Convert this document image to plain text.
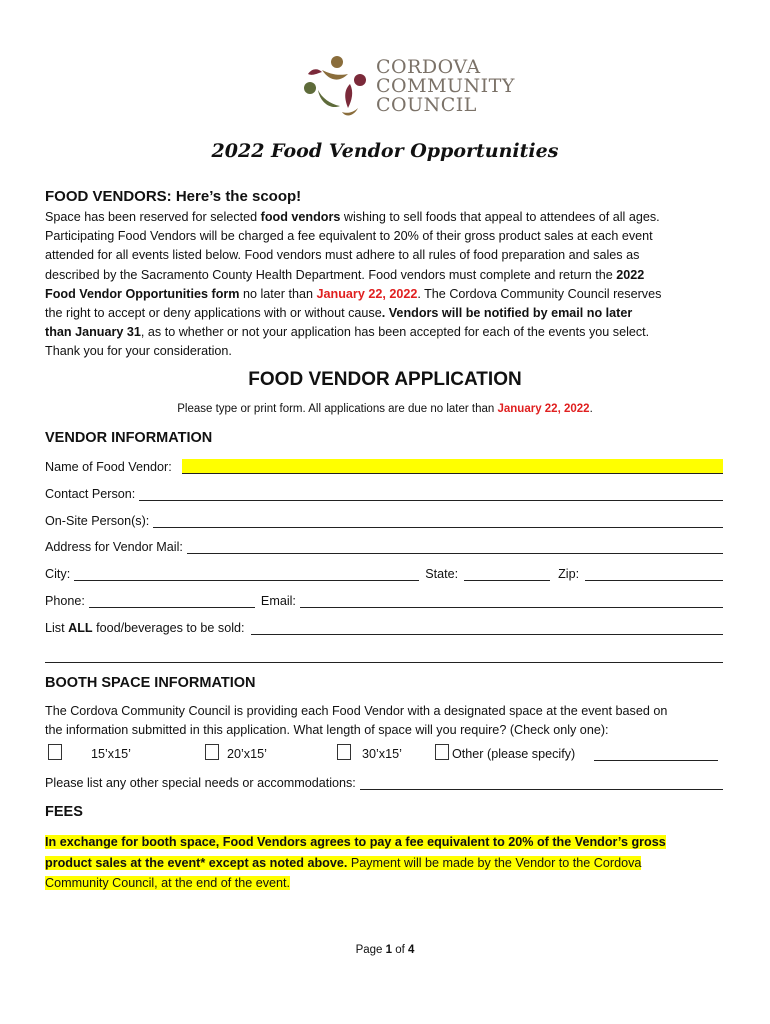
CORDOVA
COMMUNITY
COUNCIL
2022 Food Vendor Opportunities
FOOD VENDORS: Here’s the scoop!
Space has been reserved for selected food vendors wishing to sell foods that appeal to attendees of all ages.
Participating Food Vendors will be charged a fee equivalent to 20% of their gross product sales at each event
attended for all events listed below. Food vendors must adhere to all rules of food preparation and sales as
described by the Sacramento County Health Department. Food vendors must complete and return the 2022
Food Vendor Opportunities form no later than January 22, 2022. The Cordova Community Council reserves
the right to accept or deny applications with or without cause. Vendors will be notified by email no later
than January 31, as to whether or not your application has been accepted for each of the events you select.
Thank you for your consideration.
FOOD VENDOR APPLICATION
Please type or print form. All applications are due no later than January 22, 2022.
VENDOR INFORMATION
Name of Food Vendor:
Contact Person:
On-Site Person(s):
Address for Vendor Mail:
City:	State:	Zip:
Phone:	Email:
List ALL food/beverages to be sold:
BOOTH SPACE INFORMATION
The Cordova Community Council is providing each Food Vendor with a designated space at the event based on
the information submitted in this application. What length of space will you require? (Check only one):
15’x15’	20’x15’	30’x15’	Other (please specify)
Please list any other special needs or accommodations:
FEES
In exchange for booth space, Food Vendors agrees to pay a fee equivalent to 20% of the Vendor’s gross
product sales at the event* except as noted above. Payment will be made by the Vendor to the Cordova
Community Council, at the end of the event.
Page 1 of 4
